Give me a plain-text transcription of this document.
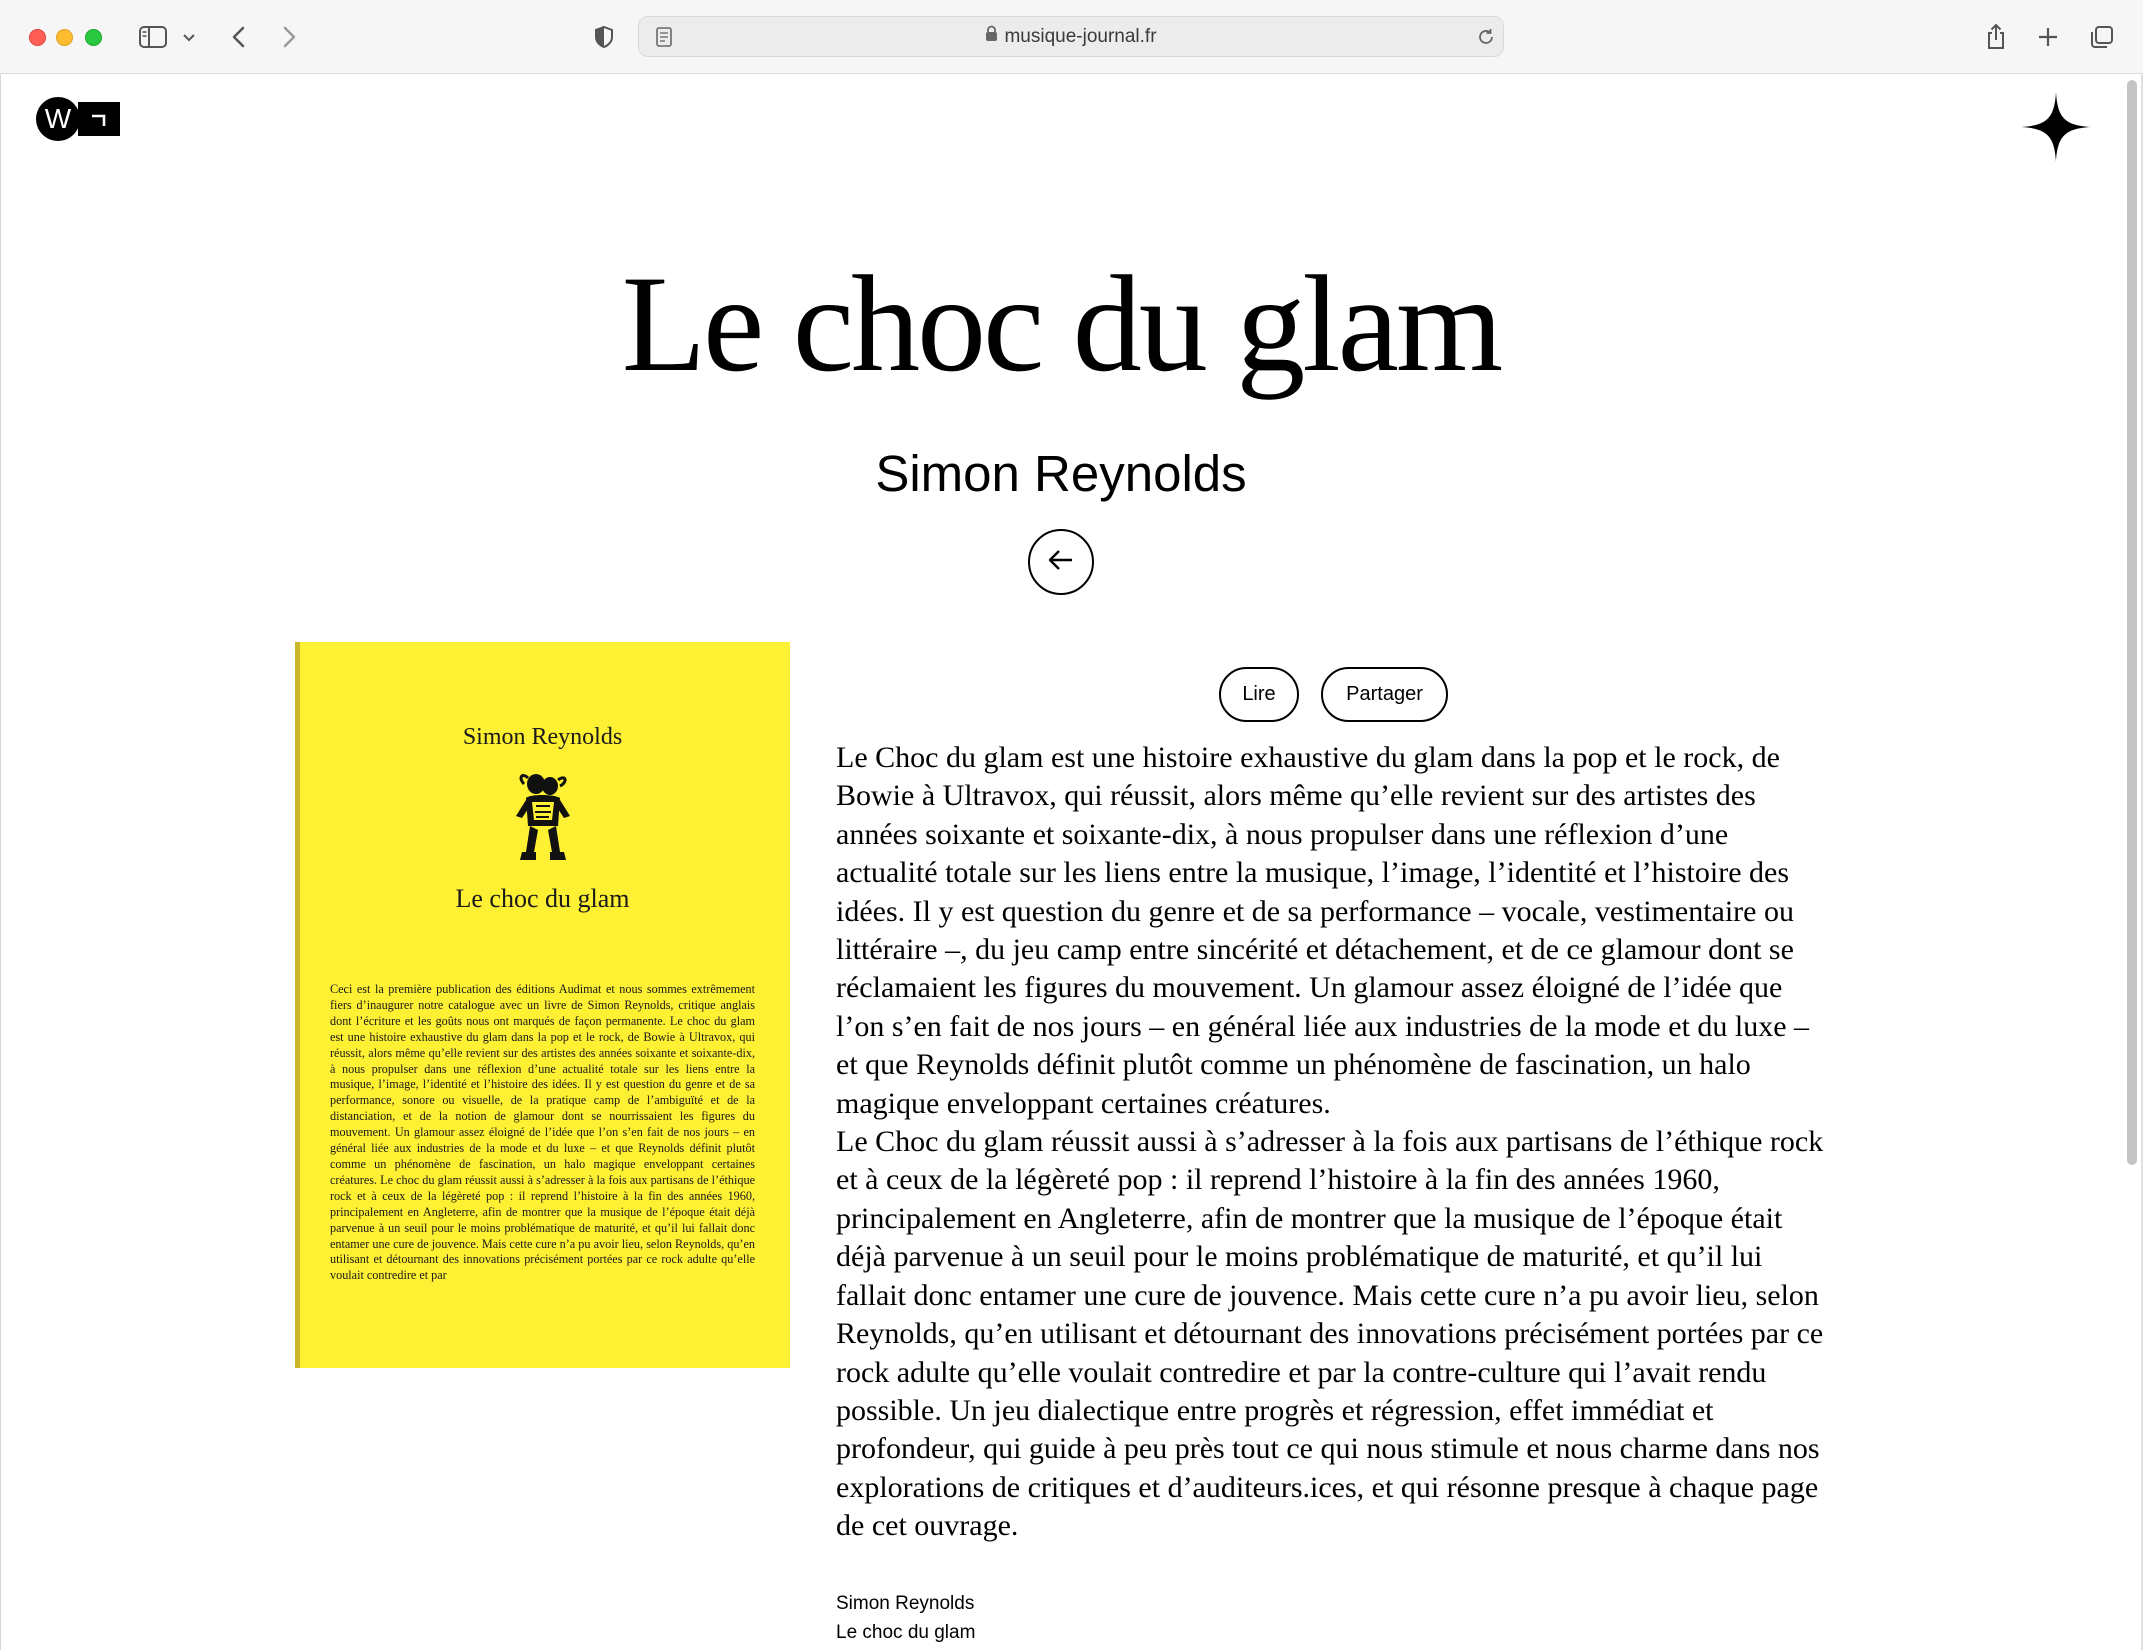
musique-journal.fr
W
Le choc du glam
Simon Reynolds
Simon Reynolds
Le choc du glam
Ceci est la première publication des éditions Audimat et nous sommes extrêmement fiers d’inaugurer notre catalogue avec un livre de Simon Reynolds, critique anglais dont l’écriture et les goûts nous ont marqués de façon permanente. Le choc du glam est une histoire exhaustive du glam dans la pop et le rock, de Bowie à Ultravox, qui réussit, alors même qu’elle revient sur des artistes des années soixante et soixante-dix, à nous propulser dans une réflexion d’une actualité totale sur les liens entre la musique, l’image, l’identité et l’histoire des idées. Il y est question du genre et de sa performance, sonore ou visuelle, de la pratique camp de l’ambiguïté et de la distanciation, et de la notion de glamour dont se nourrissaient les figures du mouvement. Un glamour assez éloigné de l’idée que l’on s’en fait de nos jours – en général liée aux industries de la mode et du luxe – et que Reynolds définit plutôt comme un phénomène de fascination, un halo magique enveloppant certaines créatures. Le choc du glam réussit aussi à s’adresser à la fois aux partisans de l’éthique rock et à ceux de la légèreté pop : il reprend l’histoire à la fin des années 1960, principalement en Angleterre, afin de montrer que la musique de l’époque était déjà parvenue à un seuil pour le moins problématique de maturité, et qu’il lui fallait donc entamer une cure de jouvence. Mais cette cure n’a pu avoir lieu, selon Reynolds, qu’en utilisant et détournant des innovations précisément portées par ce rock adulte qu’elle voulait contredire et par
Lire	Partager

Le Choc du glam est une histoire exhaustive du glam dans la pop et le rock, de Bowie à Ultravox, qui réussit, alors même qu’elle revient sur des artistes des années soixante et soixante-dix, à nous propulser dans une réflexion d’une actualité totale sur les liens entre la musique, l’image, l’identité et l’histoire des idées. Il y est question du genre et de sa performance – vocale, vestimentaire ou littéraire –, du jeu camp entre sincérité et détachement, et de ce glamour dont se réclamaient les figures du mouvement. Un glamour assez éloigné de l’idée que l’on s’en fait de nos jours – en général liée aux industries de la mode et du luxe – et que Reynolds définit plutôt comme un phénomène de fascination, un halo magique enveloppant certaines créatures.

Le Choc du glam réussit aussi à s’adresser à la fois aux partisans de l’éthique rock et à ceux de la légèreté pop : il reprend l’histoire à la fin des années 1960, principalement en Angleterre, afin de montrer que la musique de l’époque était déjà parvenue à un seuil pour le moins problématique de maturité, et qu’il lui fallait donc entamer une cure de jouvence. Mais cette cure n’a pu avoir lieu, selon Reynolds, qu’en utilisant et détournant des innovations précisément portées par ce rock adulte qu’elle voulait contredire et par la contre-culture qui l’avait rendu possible. Un jeu dialectique entre progrès et régression, effet immédiat et profondeur, qui guide à peu près tout ce qui nous stimule et nous charme dans nos explorations de critiques et d’auditeurs.ices, et qui résonne presque à chaque page de cet ouvrage.

Simon Reynolds
Le choc du glam
